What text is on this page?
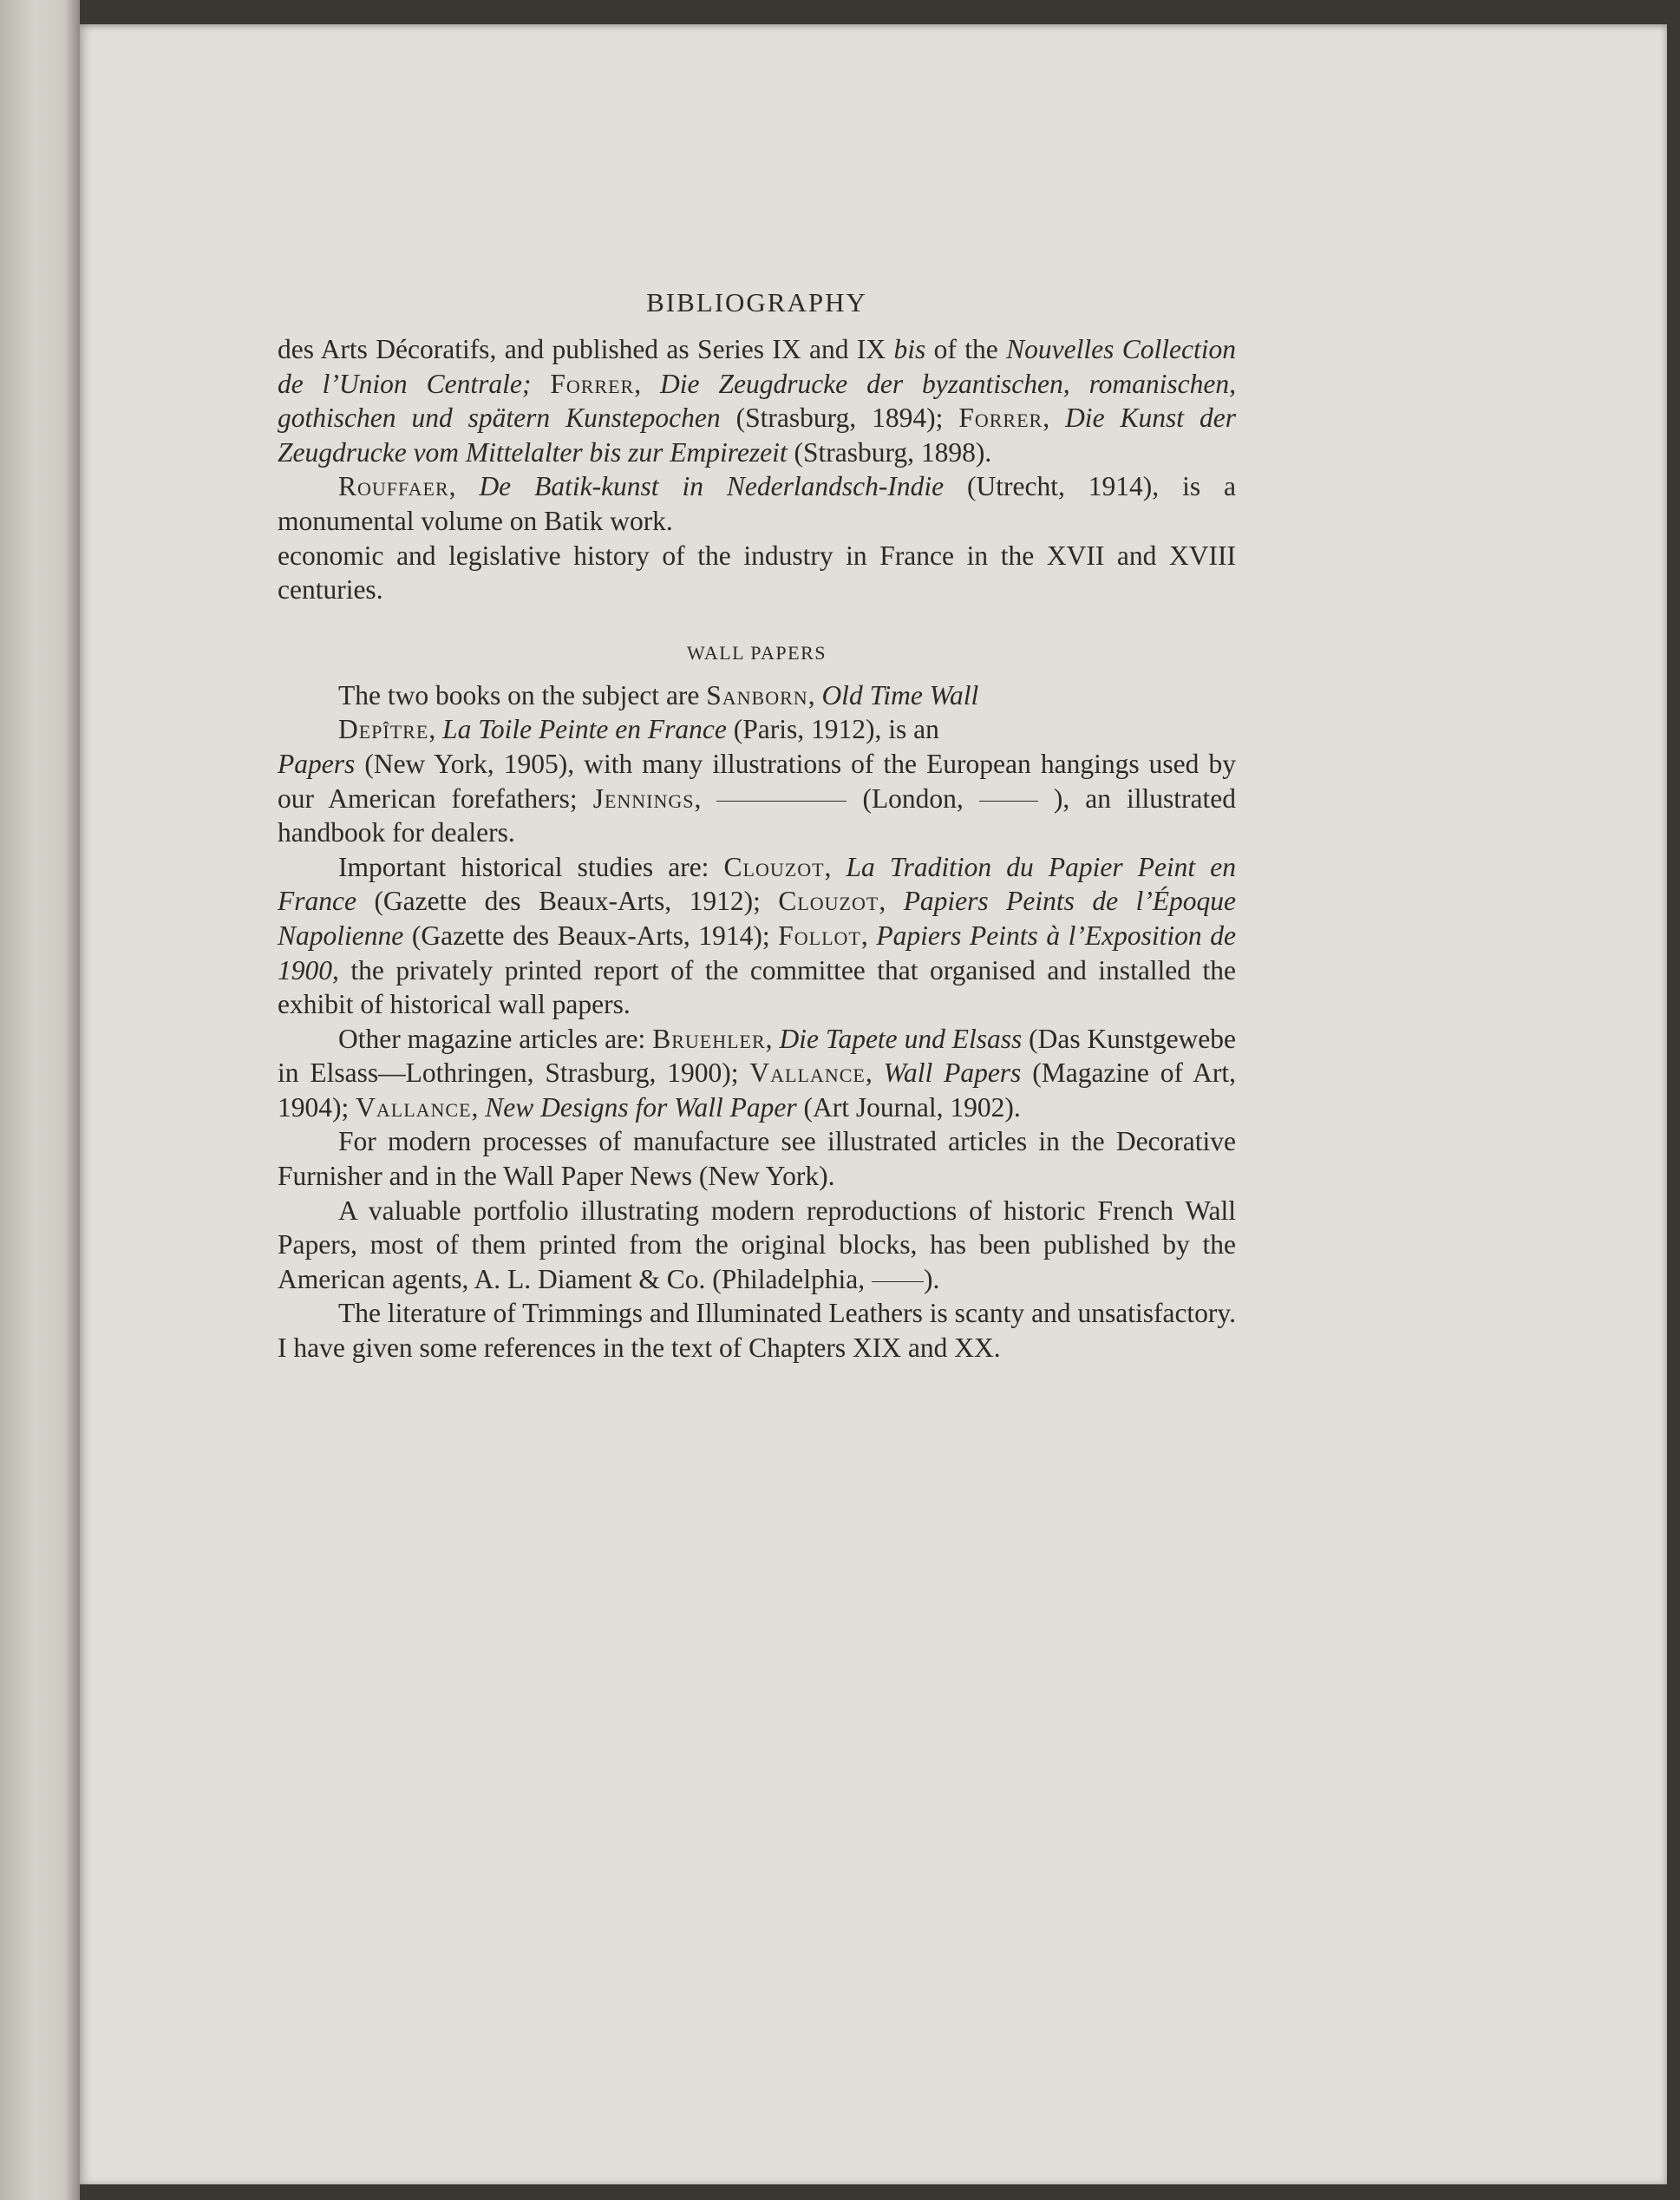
BIBLIOGRAPHY

des Arts Décoratifs, and published as Series IX and IX bis of the Nouvelles Collection de l’Union Centrale; Forrer, Die Zeugdrucke der byzantischen, romanischen, gothischen und spätern Kunstepochen (Strasburg, 1894); Forrer, Die Kunst der Zeugdrucke vom Mittelalter bis zur Empirezeit (Strasburg, 1898).

Rouffaer, De Batik-kunst in Nederlandsch-Indie (Utrecht, 1914), is a monumental volume on Batik work.

economic and legislative history of the industry in France in the XVII and XVIII centuries.

WALL PAPERS

The two books on the subject are Sanborn, Old Time Wall

Depître, La Toile Peinte en France (Paris, 1912), is an

Papers (New York, 1905), with many illustrations of the European hangings used by our American forefathers; Jennings,	(London,  ), an illustrated handbook for dealers.

Important historical studies are: Clouzot, La Tradition du Papier Peint en France (Gazette des Beaux-Arts, 1912); Clouzot, Papiers Peints de l’Époque Napolienne (Gazette des Beaux-Arts, 1914); Follot, Papiers Peints à l’Exposition de 1900, the privately printed report of the committee that organised and installed the exhibit of historical wall papers.

Other magazine articles are: Bruehler, Die Tapete und Elsass (Das Kunstgewebe in Elsass—Lothringen, Strasburg, 1900); Vallance, Wall Papers (Magazine of Art, 1904); Vallance, New Designs for Wall Paper (Art Journal, 1902).

For modern processes of manufacture see illustrated articles in the Decorative Furnisher and in the Wall Paper News (New York).

A valuable portfolio illustrating modern reproductions of historic French Wall Papers, most of them printed from the original blocks, has been published by the American agents, A. L. Diament & Co. (Philadelphia, ).

The literature of Trimmings and Illuminated Leathers is scanty and unsatisfactory. I have given some references in the text of Chapters XIX and XX.
